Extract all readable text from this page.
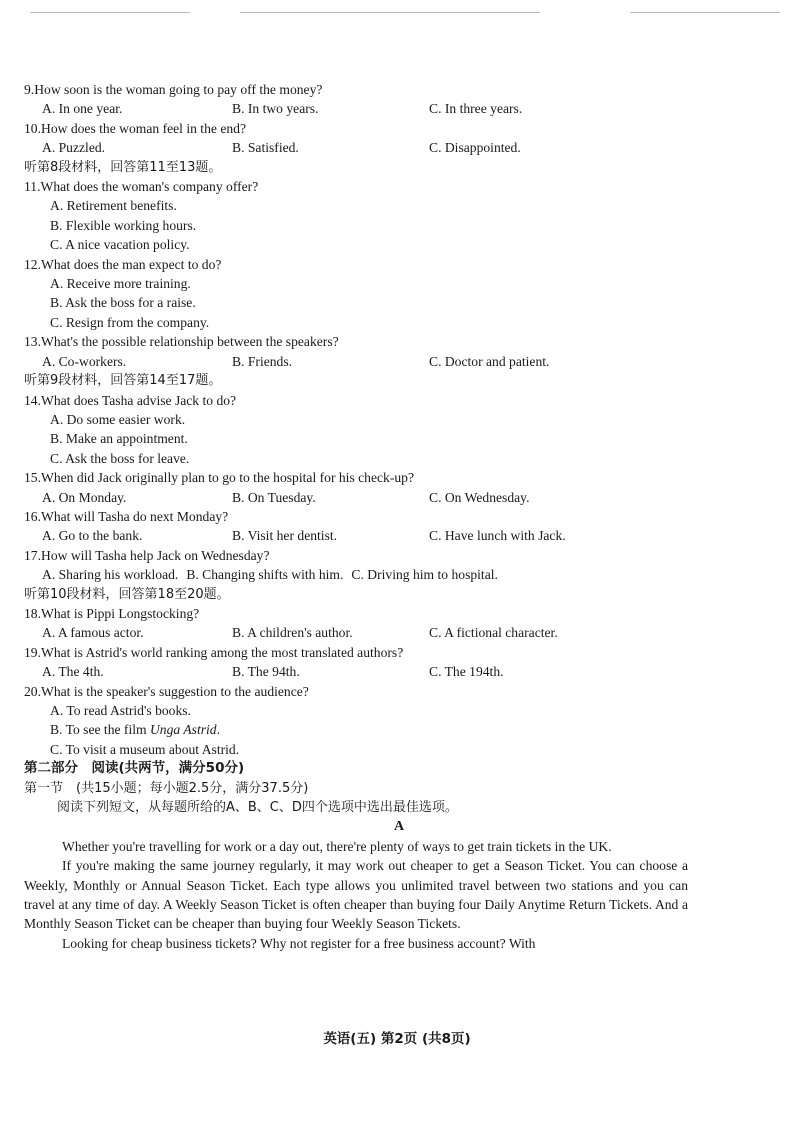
9.How soon is the woman going to pay off the money?
A. In one year.	B. In two years.	C. In three years.
10.How does the woman feel in the end?
A. Puzzled.	B. Satisfied.	C. Disappointed.
听第8段材料，回答第11至13题。
11.What does the woman's company offer?
A. Retirement benefits.
B. Flexible working hours.
C. A nice vacation policy.
12.What does the man expect to do?
A. Receive more training.
B. Ask the boss for a raise.
C. Resign from the company.
13.What's the possible relationship between the speakers?
A. Co-workers.	B. Friends.	C. Doctor and patient.
听第9段材料，回答第14至17题。
14.What does Tasha advise Jack to do?
A. Do some easier work.
B. Make an appointment.
C. Ask the boss for leave.
15.When did Jack originally plan to go to the hospital for his check-up?
A. On Monday.	B. On Tuesday.	C. On Wednesday.
16.What will Tasha do next Monday?
A. Go to the bank.	B. Visit her dentist.	C. Have lunch with Jack.
17.How will Tasha help Jack on Wednesday?
A. Sharing his workload. B. Changing shifts with him. C. Driving him to hospital.
听第10段材料，回答第18至20题。
18.What is Pippi Longstocking?
A. A famous actor.	B. A children's author.	C. A fictional character.
19.What is Astrid's world ranking among the most translated authors?
A. The 4th.	B. The 94th.	C. The 194th.
20.What is the speaker's suggestion to the audience?
A. To read Astrid's books.
B. To see the film Unga Astrid.
C. To visit a museum about Astrid.
第二部分　阅读(共两节，满分50分)
第一节　(共15小题；每小题2.5分，满分37.5分)
阅读下列短文，从每题所给的A、B、C、D四个选项中选出最佳选项。
A

Whether you're travelling for work or a day out, there're plenty of ways to get train tickets in the UK.

If you're making the same journey regularly, it may work out cheaper to get a Season Ticket. You can choose a Weekly, Monthly or Annual Season Ticket. Each type allows you unlimited travel between two stations and you can travel at any time of day. A Weekly Season Ticket is often cheaper than buying four Daily Anytime Return Tickets. And a Monthly Season Ticket can be cheaper than buying four Weekly Season Tickets.

Looking for cheap business tickets? Why not register for a free business account? With

英语(五) 第2页 (共8页)
